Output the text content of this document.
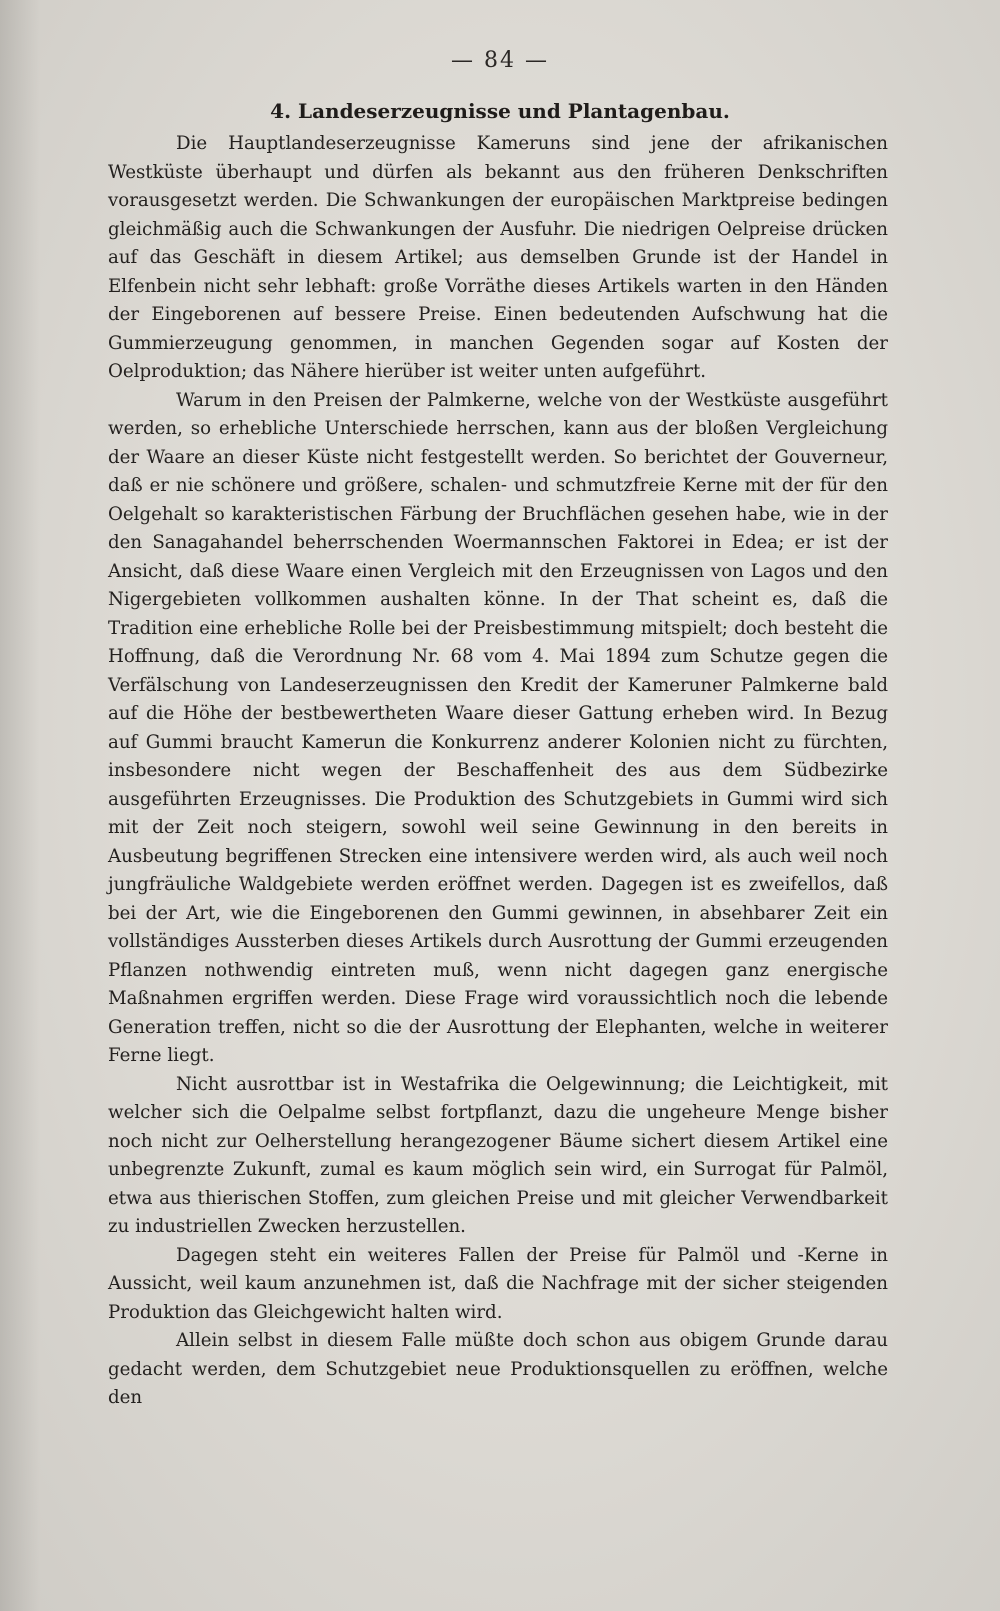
— 84 —
4. Landeserzeugnisse und Plantagenbau.

Die Hauptlandeserzeugnisse Kameruns sind jene der afrikanischen Westküste überhaupt und dürfen als bekannt aus den früheren Denkschriften vorausgesetzt werden. Die Schwankungen der europäischen Marktpreise bedingen gleichmäßig auch die Schwankungen der Ausfuhr. Die niedrigen Oelpreise drücken auf das Geschäft in diesem Artikel; aus demselben Grunde ist der Handel in Elfenbein nicht sehr lebhaft: große Vorräthe dieses Artikels warten in den Händen der Eingeborenen auf bessere Preise. Einen bedeutenden Aufschwung hat die Gummierzeugung genommen, in manchen Gegenden sogar auf Kosten der Oelproduktion; das Nähere hierüber ist weiter unten aufgeführt.

Warum in den Preisen der Palmkerne, welche von der Westküste ausgeführt werden, so erhebliche Unterschiede herrschen, kann aus der bloßen Vergleichung der Waare an dieser Küste nicht festgestellt werden. So berichtet der Gouverneur, daß er nie schönere und größere, schalen- und schmutzfreie Kerne mit der für den Oelgehalt so karakteristischen Färbung der Bruchflächen gesehen habe, wie in der den Sanagahandel beherrschenden Woermannschen Faktorei in Edea; er ist der Ansicht, daß diese Waare einen Vergleich mit den Erzeugnissen von Lagos und den Nigergebieten vollkommen aushalten könne. In der That scheint es, daß die Tradition eine erhebliche Rolle bei der Preisbestimmung mitspielt; doch besteht die Hoffnung, daß die Verordnung Nr. 68 vom 4. Mai 1894 zum Schutze gegen die Verfälschung von Landeserzeugnissen den Kredit der Kameruner Palmkerne bald auf die Höhe der bestbewertheten Waare dieser Gattung erheben wird. In Bezug auf Gummi braucht Kamerun die Konkurrenz anderer Kolonien nicht zu fürchten, insbesondere nicht wegen der Beschaffenheit des aus dem Südbezirke ausgeführten Erzeugnisses. Die Produktion des Schutzgebiets in Gummi wird sich mit der Zeit noch steigern, sowohl weil seine Gewinnung in den bereits in Ausbeutung begriffenen Strecken eine intensivere werden wird, als auch weil noch jungfräuliche Waldgebiete werden eröffnet werden. Dagegen ist es zweifellos, daß bei der Art, wie die Eingeborenen den Gummi gewinnen, in absehbarer Zeit ein vollständiges Aussterben dieses Artikels durch Ausrottung der Gummi erzeugenden Pflanzen nothwendig eintreten muß, wenn nicht dagegen ganz energische Maßnahmen ergriffen werden. Diese Frage wird voraussichtlich noch die lebende Generation treffen, nicht so die der Ausrottung der Elephanten, welche in weiterer Ferne liegt.

Nicht ausrottbar ist in Westafrika die Oelgewinnung; die Leichtigkeit, mit welcher sich die Oelpalme selbst fortpflanzt, dazu die ungeheure Menge bisher noch nicht zur Oelherstellung herangezogener Bäume sichert diesem Artikel eine unbegrenzte Zukunft, zumal es kaum möglich sein wird, ein Surrogat für Palmöl, etwa aus thierischen Stoffen, zum gleichen Preise und mit gleicher Verwendbarkeit zu industriellen Zwecken herzustellen.

Dagegen steht ein weiteres Fallen der Preise für Palmöl und -Kerne in Aussicht, weil kaum anzunehmen ist, daß die Nachfrage mit der sicher steigenden Produktion das Gleichgewicht halten wird.

Allein selbst in diesem Falle müßte doch schon aus obigem Grunde darau gedacht werden, dem Schutzgebiet neue Produktionsquellen zu eröffnen, welche den
